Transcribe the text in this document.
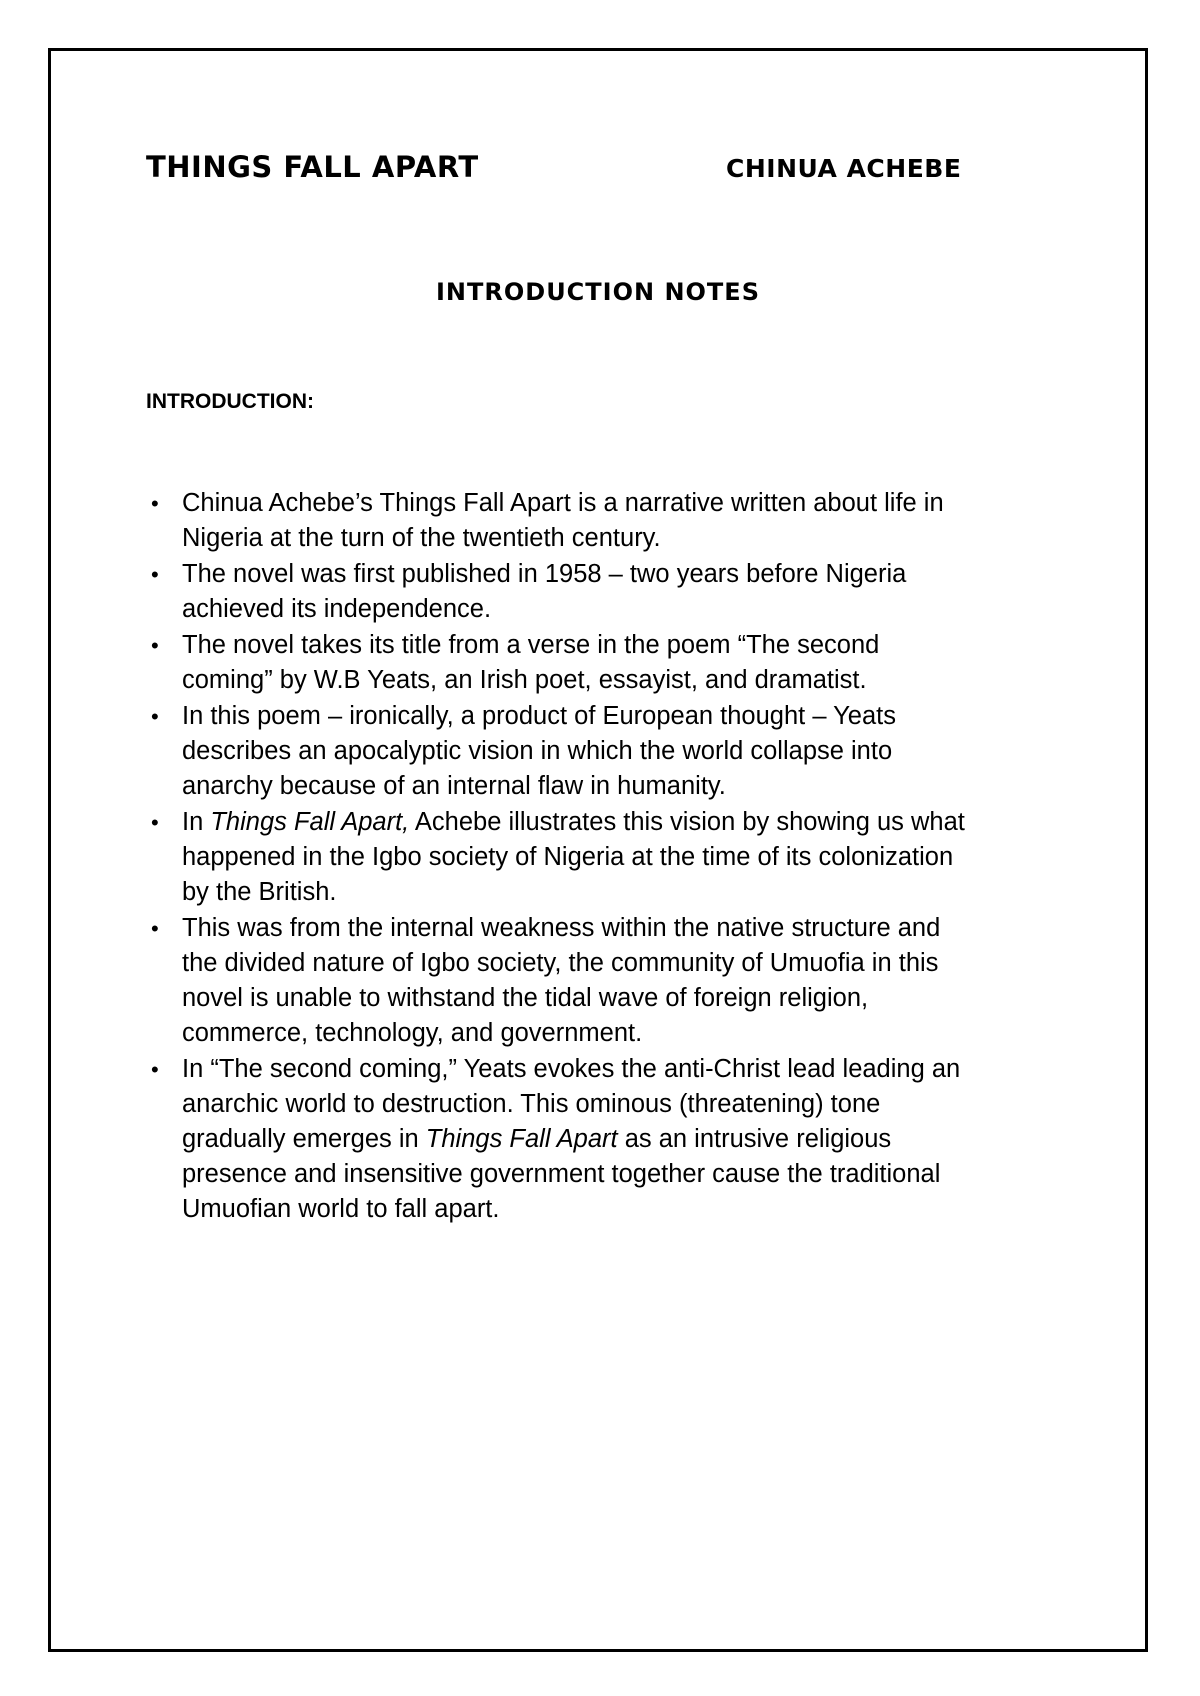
THINGS FALL APART	CHINUA ACHEBE
INTRODUCTION NOTES
INTRODUCTION:
• Chinua Achebe’s Things Fall Apart is a narrative written about life in
Nigeria at the turn of the twentieth century.
• The novel was first published in 1958 – two years before Nigeria
achieved its independence.
• The novel takes its title from a verse in the poem “The second
coming” by W.B Yeats, an Irish poet, essayist, and dramatist.
• In this poem – ironically, a product of European thought – Yeats
describes an apocalyptic vision in which the world collapse into
anarchy because of an internal flaw in humanity.
• In Things Fall Apart, Achebe illustrates this vision by showing us what
happened in the Igbo society of Nigeria at the time of its colonization
by the British.
• This was from the internal weakness within the native structure and
the divided nature of Igbo society, the community of Umuofia in this
novel is unable to withstand the tidal wave of foreign religion,
commerce, technology, and government.
• In “The second coming,” Yeats evokes the anti-Christ lead leading an
anarchic world to destruction. This ominous (threatening) tone
gradually emerges in Things Fall Apart as an intrusive religious
presence and insensitive government together cause the traditional
Umuofian world to fall apart.
